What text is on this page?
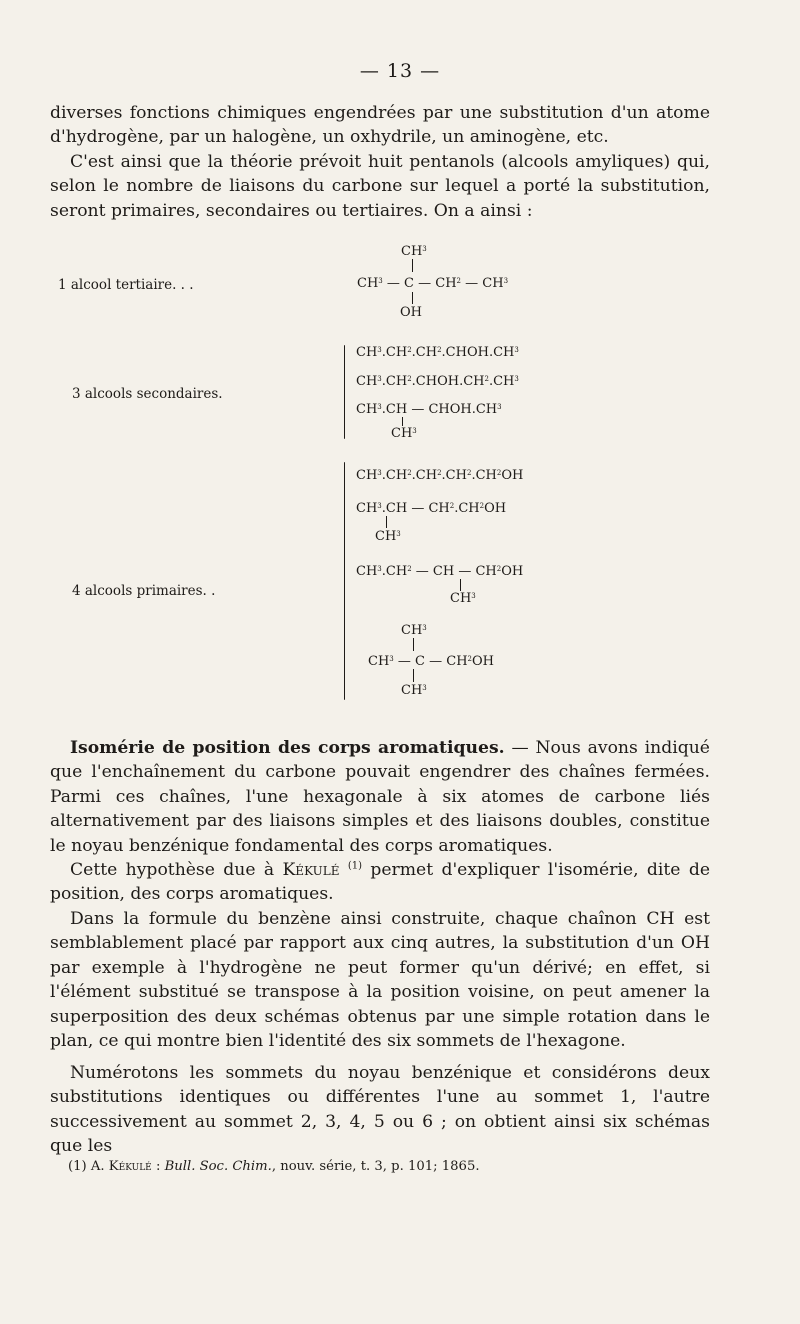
— 13 —

diverses fonctions chimiques engendrées par une substitution d'un atome d'hydrogène, par un halogène, un oxhydrile, un aminogène, etc.

C'est ainsi que la théorie prévoit huit pentanols (alcools amyliques) qui, selon le nombre de liaisons du carbone sur lequel a porté la substitution, seront primaires, secondaires ou tertiaires. On a ainsi :

1 alcool tertiaire. . .
$CH^3$
$CH^3$ — C — $CH^2$ — $CH^3$
OH
3 alcools secondaires.
$CH^3.CH^2.CH^2.CHOH.CH^3$
$CH^3.CH^2.CHOH.CH^2.CH^3$
$CH^3.CH$ — $CHOH.CH^3$
$CH^3$
4 alcools primaires. .
$CH^3.CH^2.CH^2.CH^2.CH^2OH$
$CH^3.CH$ — $CH^2.CH^2OH$
$CH^3$
$CH^3.CH^2$ — CH — $CH^2OH$
$CH^3$
$CH^3$
$CH^3$ — C — $CH^2OH$
$CH^3$

Isomérie de position des corps aromatiques. — Nous avons indiqué que l'enchaînement du carbone pouvait engendrer des chaînes fermées. Parmi ces chaînes, l'une hexagonale à six atomes de carbone liés alternativement par des liaisons simples et des liaisons doubles, constitue le noyau benzénique fondamental des corps aromatiques.

Cette hypothèse due à Kékulé $^{(1)}$ permet d'expliquer l'isomérie, dite de position, des corps aromatiques.

Dans la formule du benzène ainsi construite, chaque chaînon CH est semblablement placé par rapport aux cinq autres, la substitution d'un OH par exemple à l'hydrogène ne peut former qu'un dérivé; en effet, si l'élément substitué se transpose à la position voisine, on peut amener la superposition des deux schémas obtenus par une simple rotation dans le plan, ce qui montre bien l'identité des six sommets de l'hexagone.

Numérotons les sommets du noyau benzénique et considérons deux substitutions identiques ou différentes l'une au sommet 1, l'autre successivement au sommet 2, 3, 4, 5 ou 6 ; on obtient ainsi six schémas que les

(1) A. Kékulé : Bull. Soc. Chim., nouv. série, t. 3, p. 101; 1865.
